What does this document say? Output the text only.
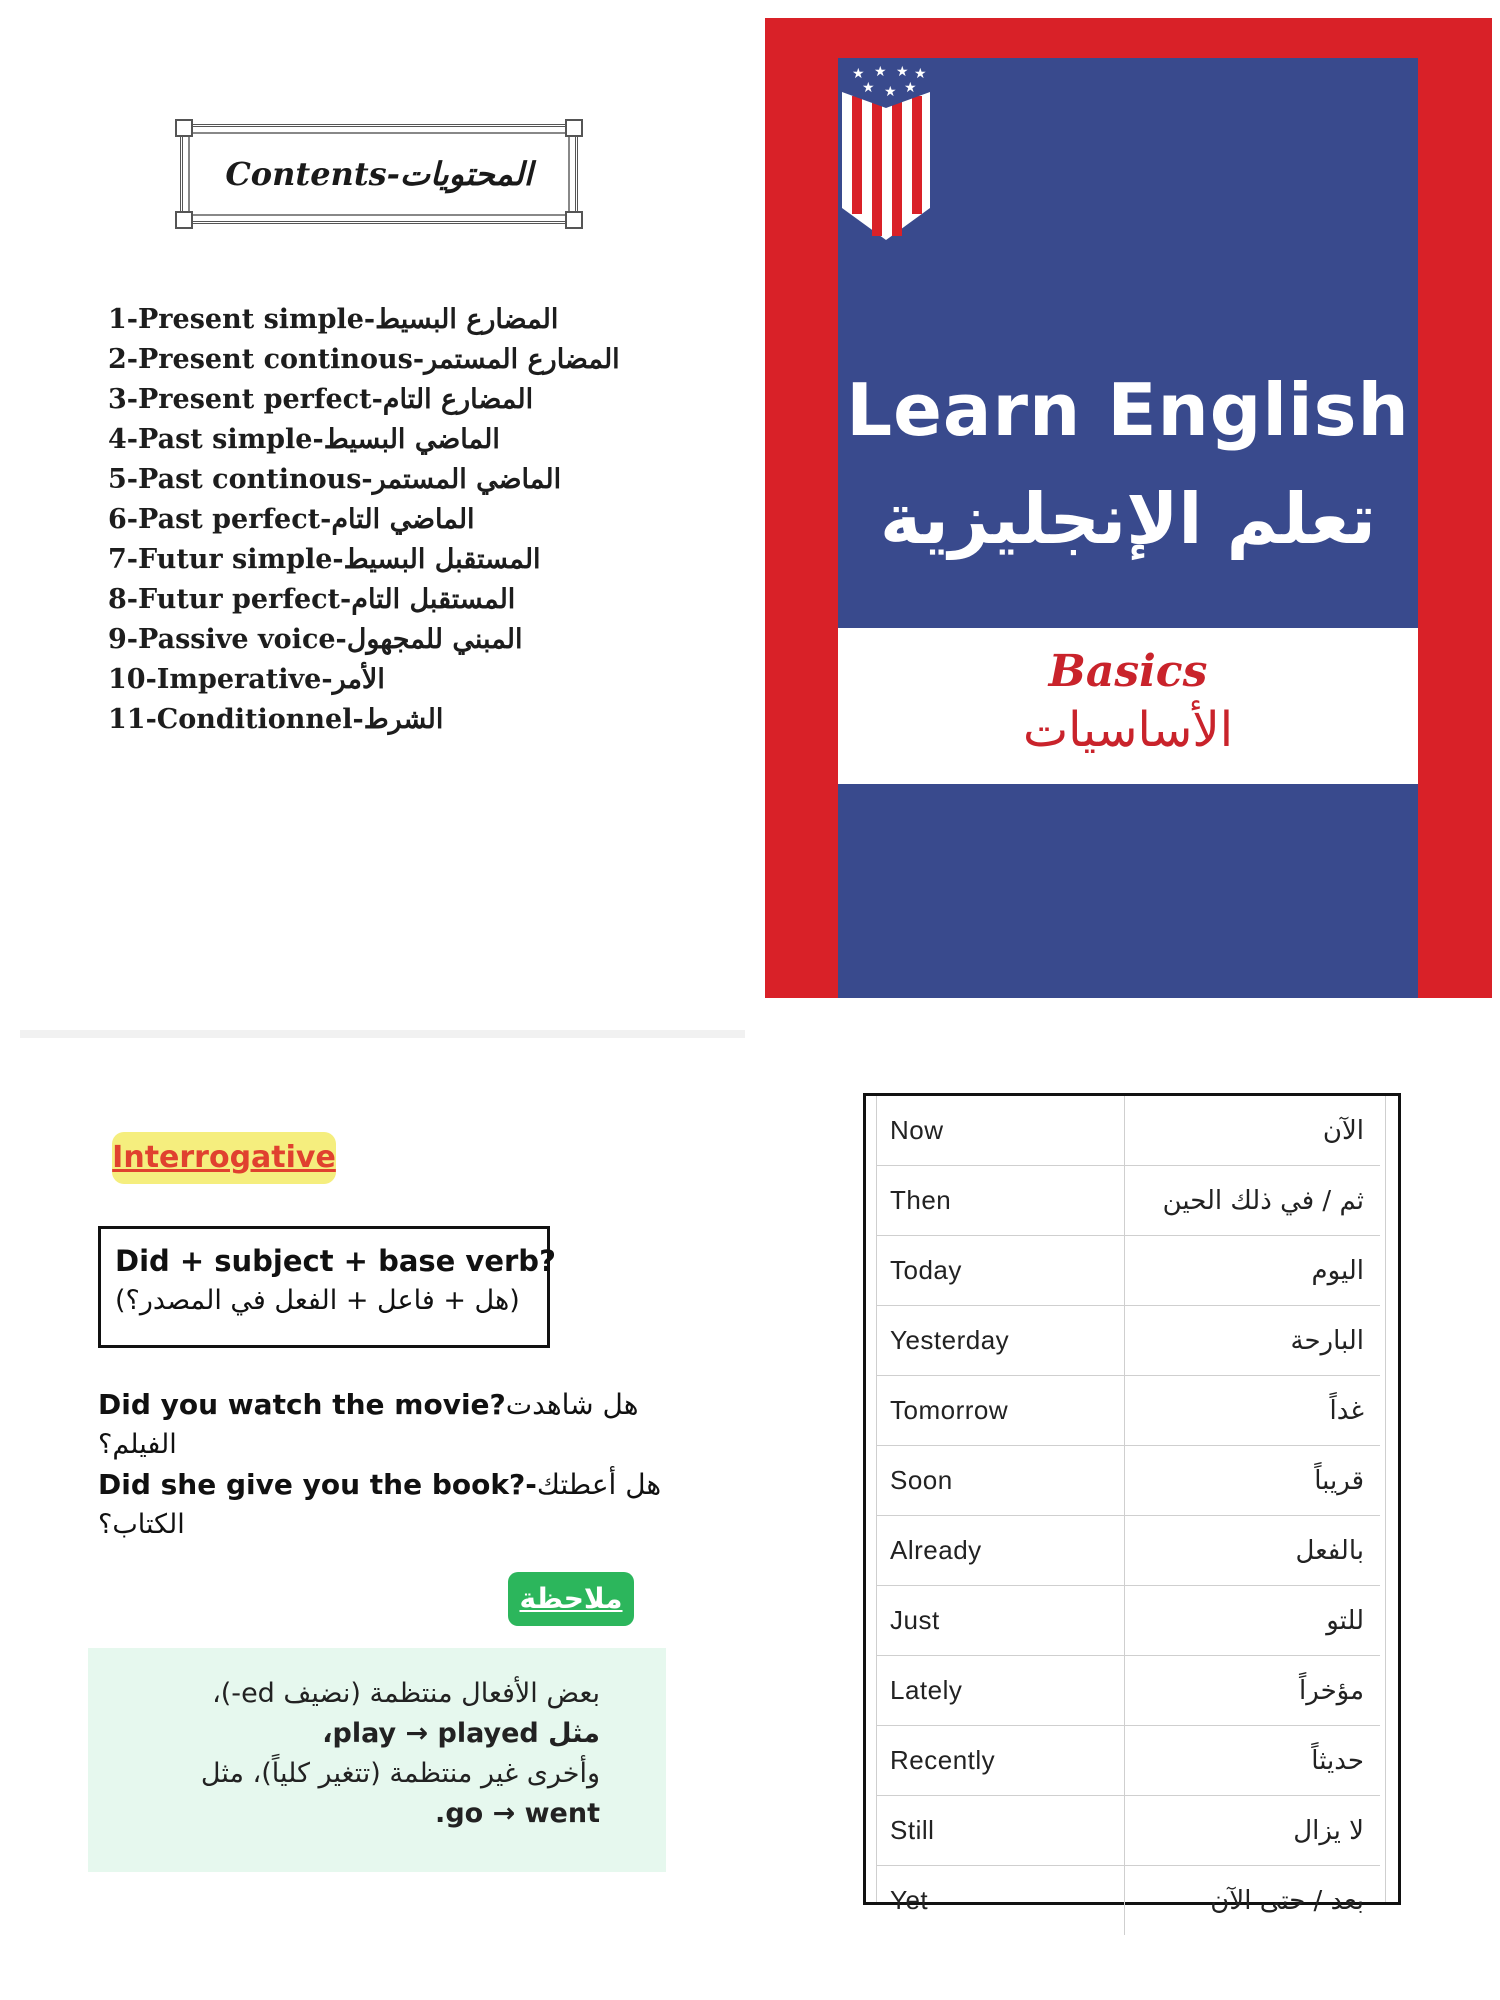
Contents-المحتويات
1-Present simple-المضارع البسيط
2-Present continous-المضارع المستمر
3-Present perfect-المضارع التام
4-Past simple-الماضي البسيط
5-Past continous-الماضي المستمر
6-Past perfect-الماضي التام
7-Futur simple-المستقبل البسيط
8-Futur perfect-المستقبل التام
9-Passive voice-المبني للمجهول
10-Imperative-الأمر
11-Conditionnel-الشرط
★ ★ ★ ★
★ ★ ★
Learn English
تعلم الإنجليزية
Basics
الأساسيات
Interrogative
Did + subject + base verb?
(هل + فاعل + الفعل في المصدر؟)
Did you watch the movie?هل شاهدت
الفيلم؟
Did she give you the book?-هل أعطتك
الكتاب؟
ملاحظة
بعض الأفعال منتظمة (نضيف ed-)،
مثل play → played،
وأخرى غير منتظمة (تتغير كلياً)، مثل
go → went.
Now	الآن
Then	ثم / في ذلك الحين
Today	اليوم
Yesterday	البارحة
Tomorrow	غداً
Soon	قريباً
Already	بالفعل
Just	للتو
Lately	مؤخراً
Recently	حديثاً
Still	لا يزال
Yet	بعد / حتى الآن
